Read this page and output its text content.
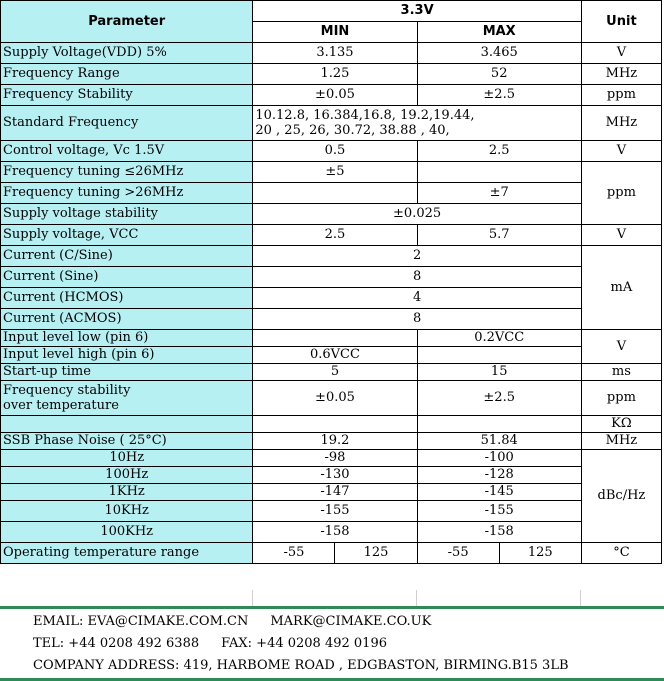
Parameter	3.3V				Unit
	MIN		MAX		
Supply Voltage(VDD) 5%	3.135		3.465		V
Frequency Range	1.25		52		MHz
Frequency Stability	±0.05		±2.5		ppm
Standard Frequency	10.12.8, 16.384,16.8, 19.2,19.44,
20 , 25, 26, 30.72, 38.88 , 40,				MHz
Control voltage, Vc 1.5V	0.5		2.5		V
Frequency tuning ≤26MHz	±5				ppm
Frequency tuning >26MHz			±7		
Supply voltage stability	±0.025				
Supply voltage, VCC	2.5		5.7		V
Current (C/Sine)	2				mA
Current (Sine)	8				
Current (HCMOS)	4				
Current (ACMOS)	8				
Input level low (pin 6)			0.2VCC		V
Input level high (pin 6)	0.6VCC				
Start-up time	5		15		ms

Frequency stability
over temperature	±0.05		±2.5		ppm
					KΩ
SSB Phase Noise ( 25°C)	19.2		51.84		MHz
10Hz	-98		-100		dBc/Hz
100Hz	-130		-128		
1KHz	-147		-145		
10KHz	-155		-155		
100KHz	-158		-158		
Operating temperature range	-55	125	-55	125	°C
EMAIL: EVA@CIMAKE.COM.CN MARK@CIMAKE.CO.UK
TEL: +44 0208 492 6388 FAX: +44 0208 492 0196
COMPANY ADDRESS: 419, HARBOME ROAD , EDGBASTON, BIRMING.B15 3LB
